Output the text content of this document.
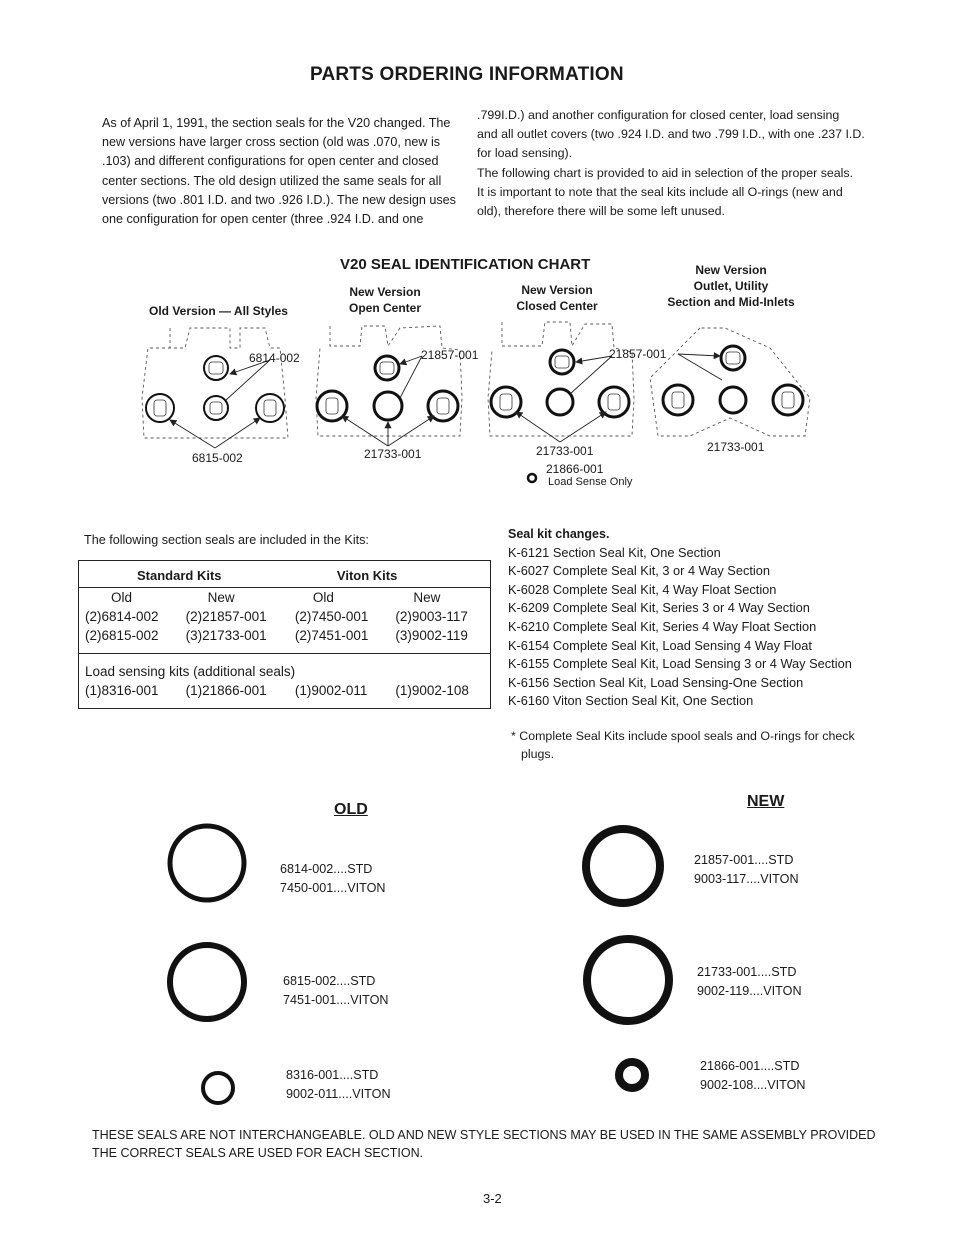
PARTS ORDERING INFORMATION
As of April 1, 1991, the section seals for the V20 changed. The
new versions have larger cross section (old was .070, new is
.103) and different configurations for open center and closed
center sections. The old design utilized the same seals for all
versions (two .801 I.D. and two .926 I.D.). The new design uses
one configuration for open center (three .924 I.D. and one
.799I.D.) and another configuration for closed center, load sensing
and all outlet covers (two .924 I.D. and two .799 I.D., with one .237 I.D.
for load sensing).
The following chart is provided to aid in selection of the proper seals.
It is important to note that the seal kits include all O-rings (new and
old), therefore there will be some left unused.
V20 SEAL IDENTIFICATION CHART
Old Version — All Styles
New Version
Open Center
New Version
Closed Center
New Version
Outlet, Utility
Section and Mid-Inlets
6814-002
6815-002
21857-001
21733-001
21857-001
21733-001	21733-001
21866-001
Load Sense Only
The following section seals are included in the Kits:
Standard Kits		Viton Kits	
Old	New	Old	New
(2)6814-002	(2)21857-001	(2)7450-001	(2)9003-117
(2)6815-002	(3)21733-001	(2)7451-001	(3)9002-119
Load sensing kits (additional seals)			
(1)8316-001	(1)21866-001	(1)9002-011	(1)9002-108
Seal kit changes.
K-6121 Section Seal Kit, One Section
K-6027 Complete Seal Kit, 3 or 4 Way Section
K-6028 Complete Seal Kit, 4 Way Float Section
K-6209 Complete Seal Kit, Series 3 or 4 Way Section
K-6210 Complete Seal Kit, Series 4 Way Float Section
K-6154 Complete Seal Kit, Load Sensing 4 Way Float
K-6155 Complete Seal Kit, Load Sensing 3 or 4 Way Section
K-6156 Section Seal Kit, Load Sensing-One Section
K-6160 Viton Section Seal Kit, One Section
* Complete Seal Kits include spool seals and O-rings for check
plugs.
OLD	NEW
6814-002....STD
7450-001....VITON
6815-002....STD
7451-001....VITON
8316-001....STD
9002-011....VITON
21857-001....STD
9003-117....VITON
21733-001....STD
9002-119....VITON
21866-001....STD
9002-108....VITON
THESE SEALS ARE NOT INTERCHANGEABLE. OLD AND NEW STYLE SECTIONS MAY BE USED IN THE SAME ASSEMBLY PROVIDED
THE CORRECT SEALS ARE USED FOR EACH SECTION.
3-2
